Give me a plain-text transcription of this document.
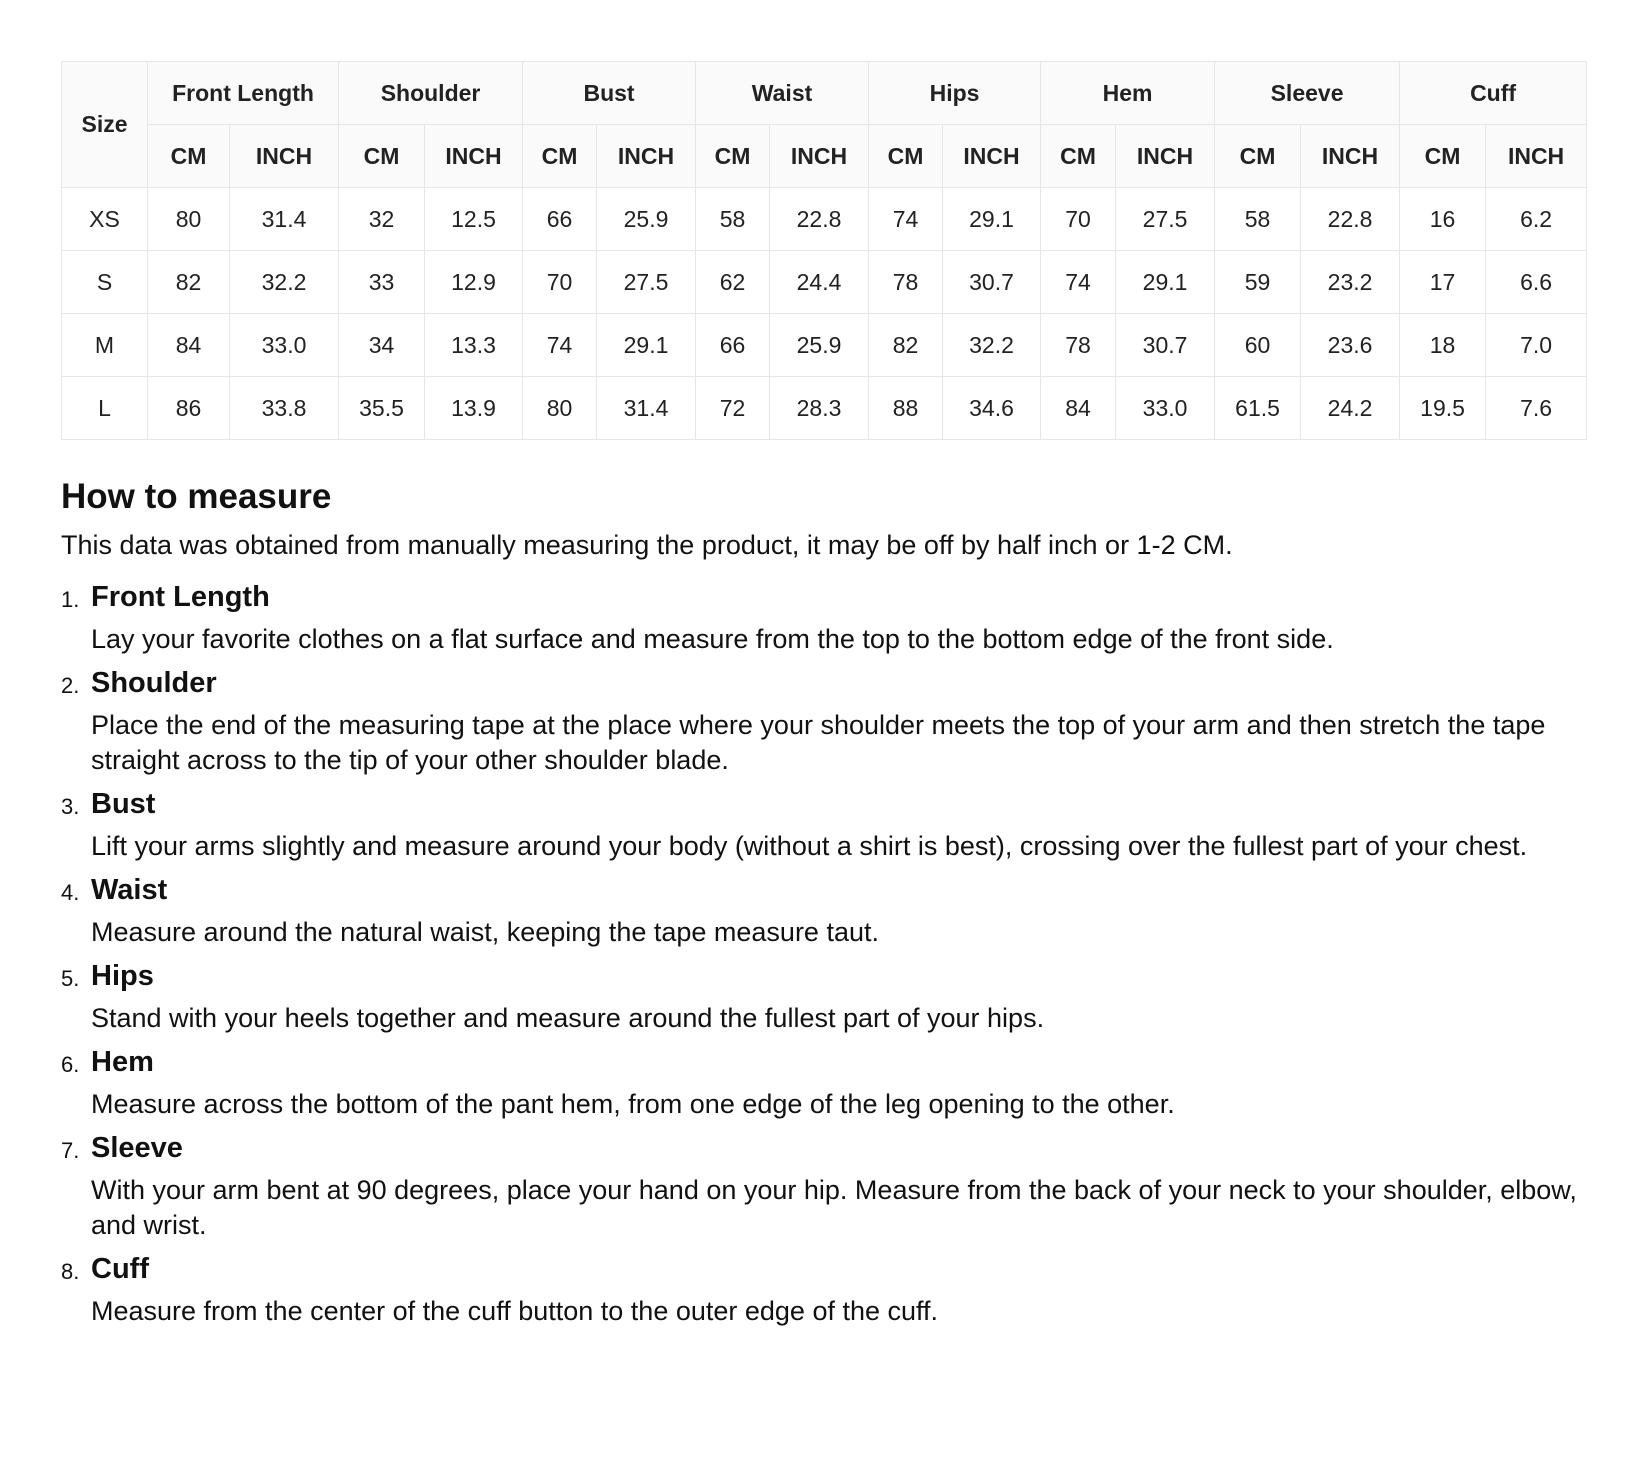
Size	Front Length		Shoulder		Bust		Waist		Hips		Hem		Sleeve		Cuff	
	CM	INCH	CM	INCH	CM	INCH	CM	INCH	CM	INCH	CM	INCH	CM	INCH	CM	INCH
XS	80	31.4	32	12.5	66	25.9	58	22.8	74	29.1	70	27.5	58	22.8	16	6.2
S	82	32.2	33	12.9	70	27.5	62	24.4	78	30.7	74	29.1	59	23.2	17	6.6
M	84	33.0	34	13.3	74	29.1	66	25.9	82	32.2	78	30.7	60	23.6	18	7.0
L	86	33.8	35.5	13.9	80	31.4	72	28.3	88	34.6	84	33.0	61.5	24.2	19.5	7.6
How to measure

This data was obtained from manually measuring the product, it may be off by half inch or 1-2 CM.

1. Front Length
Lay your favorite clothes on a flat surface and measure from the top to the bottom edge of the front side.
2. Shoulder
Place the end of the measuring tape at the place where your shoulder meets the top of your arm and then stretch the tape straight across to the tip of your other shoulder blade.
3. Bust
Lift your arms slightly and measure around your body (without a shirt is best), crossing over the fullest part of your chest.
4. Waist
Measure around the natural waist, keeping the tape measure taut.
5. Hips
Stand with your heels together and measure around the fullest part of your hips.
6. Hem
Measure across the bottom of the pant hem, from one edge of the leg opening to the other.
7. Sleeve
With your arm bent at 90 degrees, place your hand on your hip. Measure from the back of your neck to your shoulder, elbow, and wrist.
8. Cuff
Measure from the center of the cuff button to the outer edge of the cuff.
